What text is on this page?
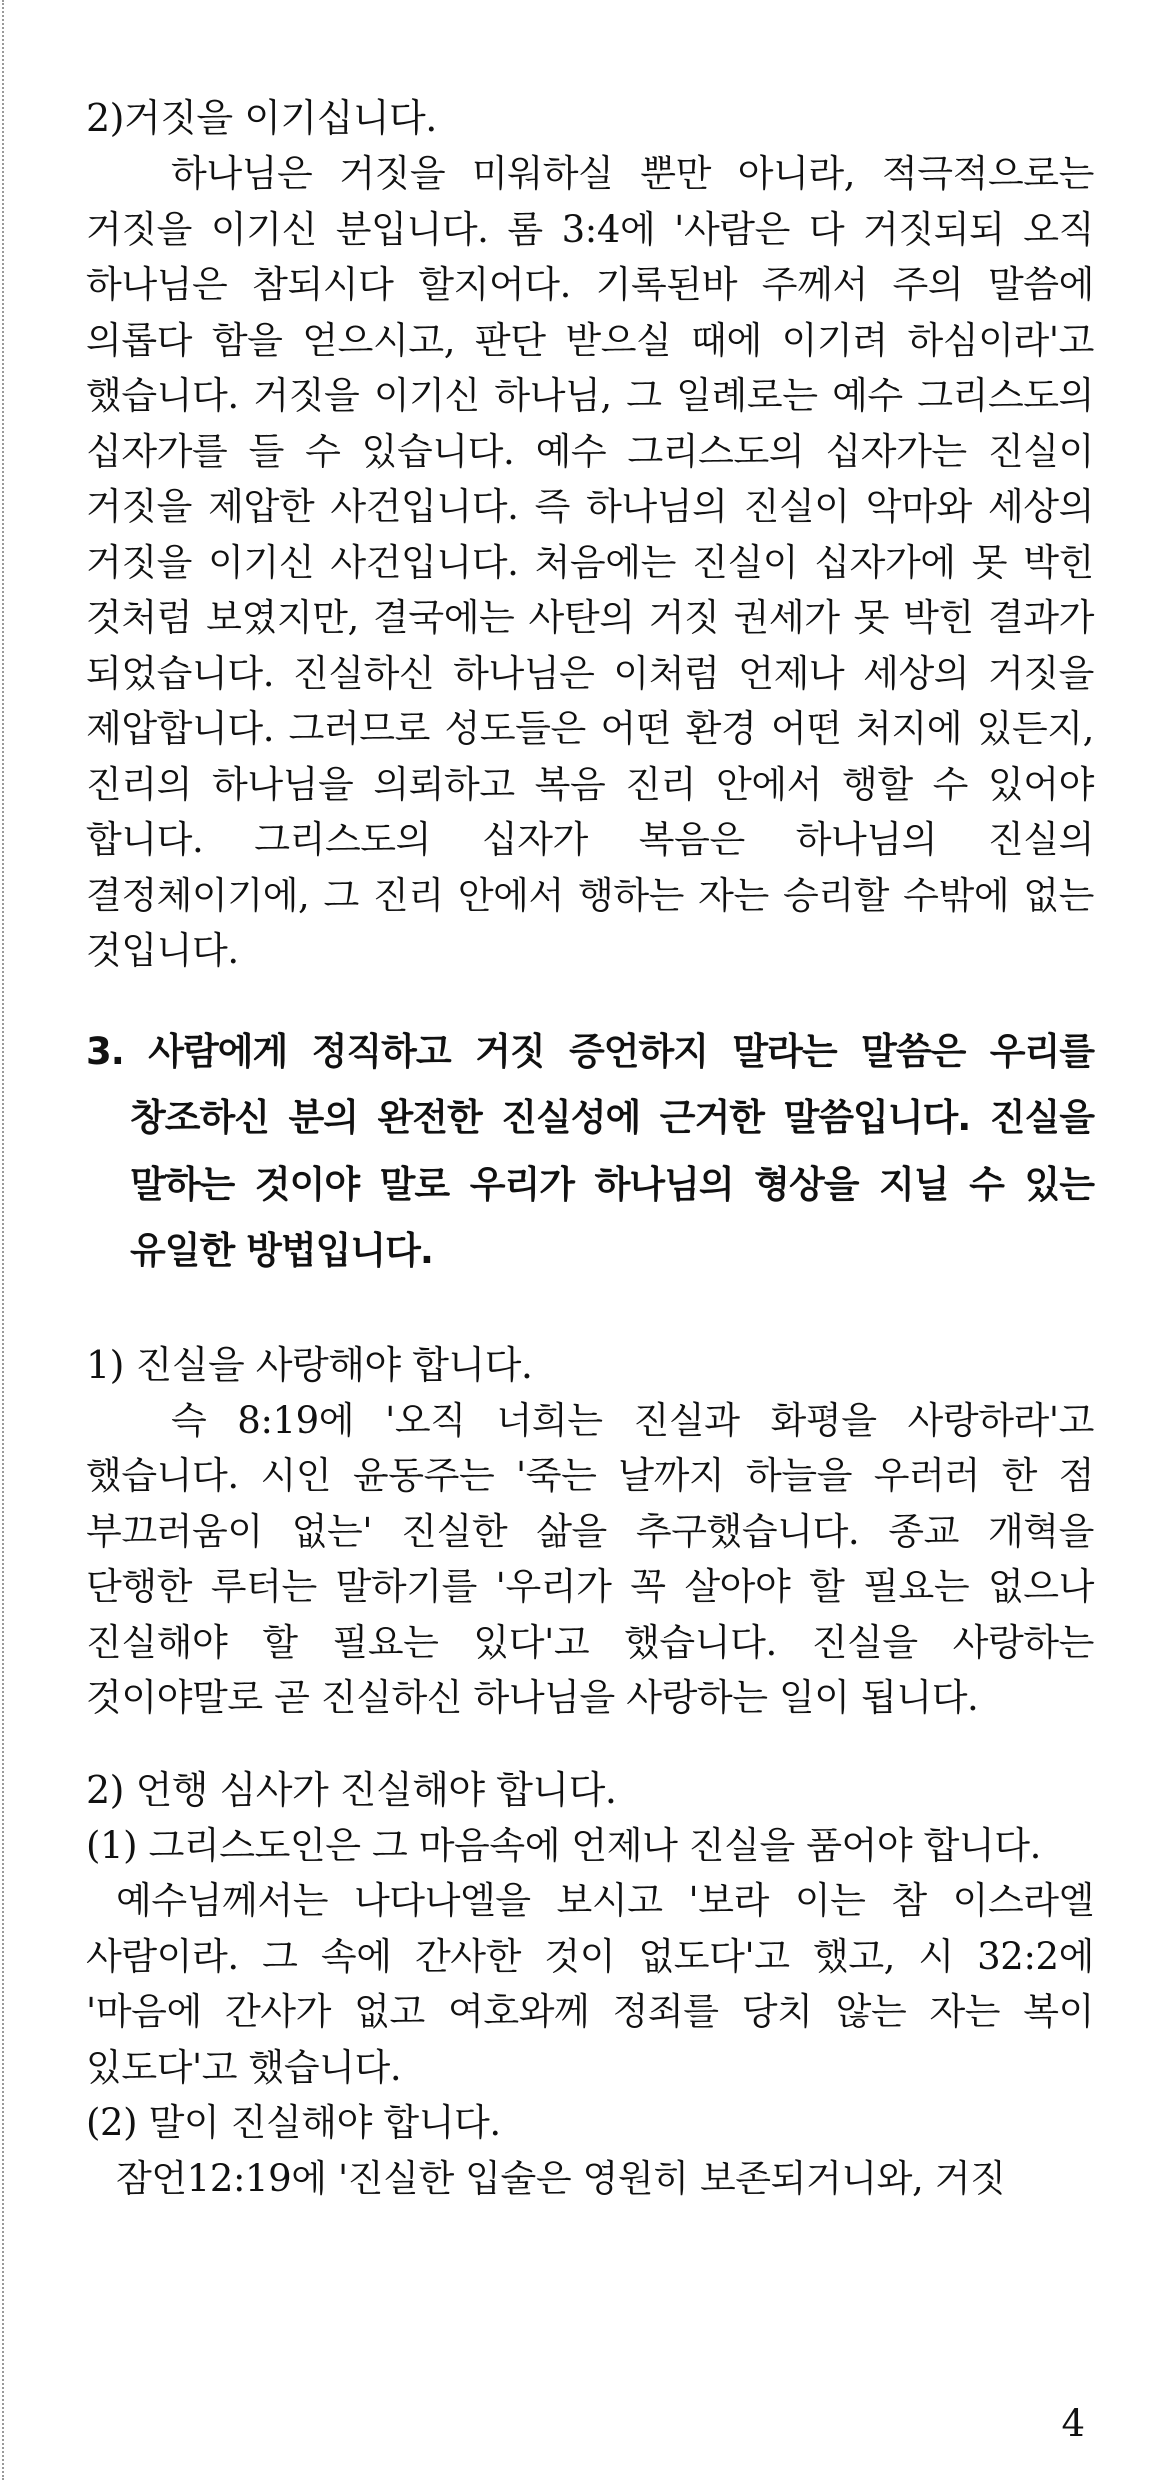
2)거짓을 이기십니다.

하나님은 거짓을 미워하실 뿐만 아니라, 적극적으로는 거짓을 이기신 분입니다. 롬 3:4에 '사람은 다 거짓되되 오직 하나님은 참되시다 할지어다. 기록된바 주께서 주의 말씀에 의롭다 함을 얻으시고, 판단 받으실 때에 이기려 하심이라'고 했습니다. 거짓을 이기신 하나님, 그 일례로는 예수 그리스도의 십자가를 들 수 있습니다. 예수 그리스도의 십자가는 진실이 거짓을 제압한 사건입니다. 즉 하나님의 진실이 악마와 세상의 거짓을 이기신 사건입니다. 처음에는 진실이 십자가에 못 박힌 것처럼 보였지만, 결국에는 사탄의 거짓 권세가 못 박힌 결과가 되었습니다. 진실하신 하나님은 이처럼 언제나 세상의 거짓을 제압합니다. 그러므로 성도들은 어떤 환경 어떤 처지에 있든지, 진리의 하나님을 의뢰하고 복음 진리 안에서 행할 수 있어야 합니다. 그리스도의 십자가 복음은 하나님의 진실의 결정체이기에, 그 진리 안에서 행하는 자는 승리할 수밖에 없는 것입니다.

3. 사람에게 정직하고 거짓 증언하지 말라는 말씀은 우리를 창조하신 분의 완전한 진실성에 근거한 말씀입니다. 진실을 말하는 것이야 말로 우리가 하나님의 형상을 지닐 수 있는 유일한 방법입니다.

1) 진실을 사랑해야 합니다.

슥 8:19에 '오직 너희는 진실과 화평을 사랑하라'고 했습니다. 시인 윤동주는 '죽는 날까지 하늘을 우러러 한 점 부끄러움이 없는' 진실한 삶을 추구했습니다. 종교 개혁을 단행한 루터는 말하기를 '우리가 꼭 살아야 할 필요는 없으나 진실해야 할 필요는 있다'고 했습니다. 진실을 사랑하는 것이야말로 곧 진실하신 하나님을 사랑하는 일이 됩니다.

2) 언행 심사가 진실해야 합니다.

(1) 그리스도인은 그 마음속에 언제나 진실을 품어야 합니다.

예수님께서는 나다나엘을 보시고 '보라 이는 참 이스라엘 사람이라. 그 속에 간사한 것이 없도다'고 했고, 시 32:2에 '마음에 간사가 없고 여호와께 정죄를 당치 않는 자는 복이 있도다'고 했습니다.

(2) 말이 진실해야 합니다.

잠언12:19에 '진실한 입술은 영원히 보존되거니와, 거짓

4
